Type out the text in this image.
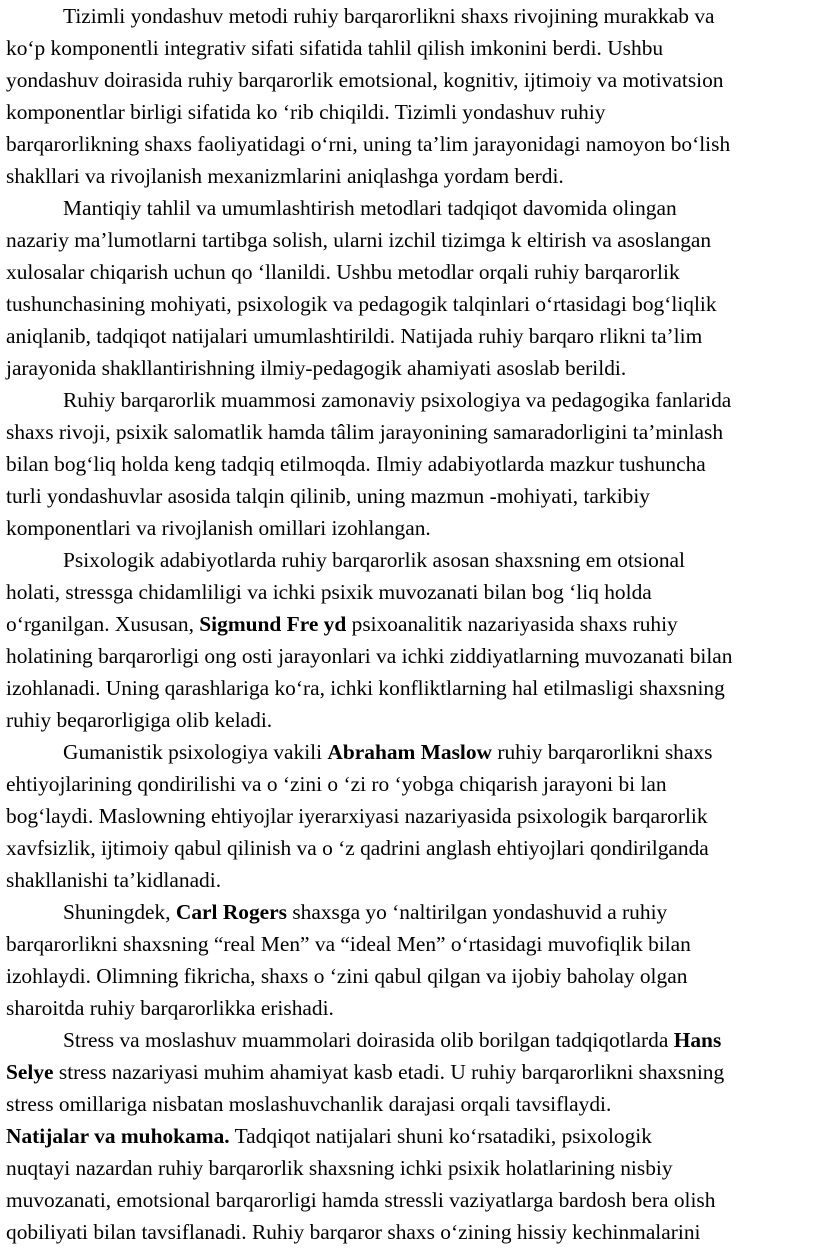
Tizimli yondashuv metodi ruhiy barqarorlikni shaxs rivojining murakkab va
ko‘p komponentli integrativ sifati sifatida tahlil qilish imkonini berdi. Ushbu
yondashuv doirasida ruhiy barqarorlik emotsional, kognitiv, ijtimoiy va motivatsion
komponentlar birligi sifatida ko ‘rib chiqildi. Tizimli yondashuv ruhiy
barqarorlikning shaxs faoliyatidagi o‘rni, uning ta’lim jarayonidagi namoyon bo‘lish
shakllari va rivojlanish mexanizmlarini aniqlashga yordam berdi.
Mantiqiy tahlil va umumlashtirish metodlari tadqiqot davomida olingan
nazariy ma’lumotlarni tartibga solish, ularni izchil tizimga k eltirish va asoslangan
xulosalar chiqarish uchun qo ‘llanildi. Ushbu metodlar orqali ruhiy barqarorlik
tushunchasining mohiyati, psixologik va pedagogik talqinlari o‘rtasidagi bog‘liqlik
aniqlanib, tadqiqot natijalari umumlashtirildi. Natijada ruhiy barqaro rlikni ta’lim
jarayonida shakllantirishning ilmiy-pedagogik ahamiyati asoslab berildi.
Ruhiy barqarorlik muammosi zamonaviy psixologiya va pedagogika fanlarida
shaxs rivoji, psixik salomatlik hamda tâlim jarayonining samaradorligini ta’minlash
bilan bog‘liq holda keng tadqiq etilmoqda. Ilmiy adabiyotlarda mazkur tushuncha
turli yondashuvlar asosida talqin qilinib, uning mazmun -mohiyati, tarkibiy
komponentlari va rivojlanish omillari izohlangan.
Psixologik adabiyotlarda ruhiy barqarorlik asosan shaxsning em otsional
holati, stressga chidamliligi va ichki psixik muvozanati bilan bog ‘liq holda
o‘rganilgan. Xususan, Sigmund Fre yd psixoanalitik nazariyasida shaxs ruhiy
holatining barqarorligi ong osti jarayonlari va ichki ziddiyatlarning muvozanati bilan
izohlanadi. Uning qarashlariga ko‘ra, ichki konfliktlarning hal etilmasligi shaxsning
ruhiy beqarorligiga olib keladi.
Gumanistik psixologiya vakili Abraham Maslow ruhiy barqarorlikni shaxs
ehtiyojlarining qondirilishi va o ‘zini o ‘zi ro ‘yobga chiqarish jarayoni bi lan
bog‘laydi. Maslowning ehtiyojlar iyerarxiyasi nazariyasida psixologik barqarorlik
xavfsizlik, ijtimoiy qabul qilinish va o ‘z qadrini anglash ehtiyojlari qondirilganda
shakllanishi ta’kidlanadi.
Shuningdek, Carl Rogers shaxsga yo ‘naltirilgan yondashuvid a ruhiy
barqarorlikni shaxsning “real Men” va “ideal Men” o‘rtasidagi muvofiqlik bilan
izohlaydi. Olimning fikricha, shaxs o ‘zini qabul qilgan va ijobiy baholay olgan
sharoitda ruhiy barqarorlikka erishadi.
Stress va moslashuv muammolari doirasida olib borilgan tadqiqotlarda Hans
Selye stress nazariyasi muhim ahamiyat kasb etadi. U ruhiy barqarorlikni shaxsning
stress omillariga nisbatan moslashuvchanlik darajasi orqali tavsiflaydi.
Natijalar va muhokama. Tadqiqot natijalari shuni ko‘rsatadiki, psixologik
nuqtayi nazardan ruhiy barqarorlik shaxsning ichki psixik holatlarining nisbiy
muvozanati, emotsional barqarorligi hamda stressli vaziyatlarga bardosh bera olish
qobiliyati bilan tavsiflanadi. Ruhiy barqaror shaxs o‘zining hissiy kechinmalarini
